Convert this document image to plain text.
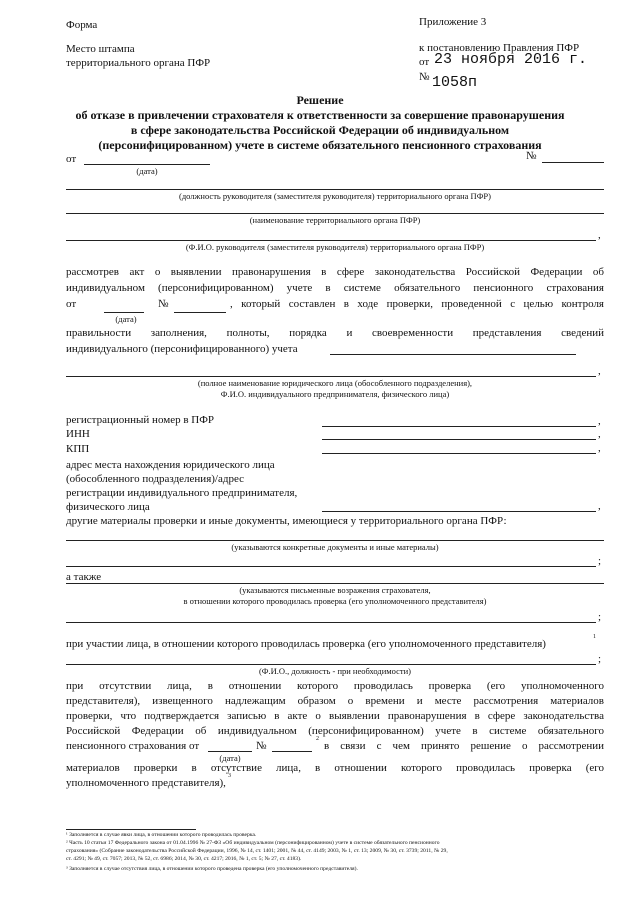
Форма
Место штампа
территориального органа ПФР
Приложение 3
к постановлению Правления ПФР
от 23 ноября 2016 г.
№ 1058п
Решение
об отказе в привлечении страхователя к ответственности за совершение правонарушения
в сфере законодательства Российской Федерации об индивидуальном
(персонифицированном) учете в системе обязательного пенсионного страхования
от
(дата)
№
(должность руководителя (заместителя руководителя) территориального органа ПФР)
(наименование территориального органа ПФР)
,
(Ф.И.О. руководителя (заместителя руководителя) территориального органа ПФР)
рассмотрев акт о выявлении правонарушения в сфере законодательства Российской Федерации об
индивидуальном (персонифицированном) учете в системе обязательного пенсионного страхования
от
(дата)
№	, который составлен в ходе проверки, проведенной с целью контроля
правильности заполнения, полноты, порядка и своевременности представления сведений
индивидуального (персонифицированного) учета
,
(полное наименование юридического лица (обособленного подразделения),
Ф.И.О. индивидуального предпринимателя, физического лица)
регистрационный номер в ПФР	,
ИНН	,
КПП	,
адрес места нахождения юридического лица
(обособленного подразделения)/адрес
регистрации индивидуального предпринимателя,
физического лица	,
другие материалы проверки и иные документы, имеющиеся у территориального органа ПФР:
(указываются конкретные документы и иные материалы)
;
а также
(указываются письменные возражения страхователя,
в отношении которого проводилась проверка (его уполномоченного представителя)
;
при участии лица, в отношении которого проводилась проверка (его уполномоченного представителя)
1
;
(Ф.И.О., должность - при необходимости)
при отсутствии лица, в отношении которого проводилась проверка (его уполномоченного
представителя), извещенного надлежащим образом о времени и месте рассмотрения материалов
проверки, что подтверждается записью в акте о выявлении правонарушения в сфере законодательства
Российской Федерации об индивидуальном (персонифицированном) учете в системе обязательного
пенсионного страхования от
(дата)
№
2
в связи с чем принято решение о рассмотрении
материалов проверки в отсутствие лица, в отношении которого проводилась проверка (его
уполномоченного представителя),
3
¹ Заполняется в случае явки лица, в отношении которого проводилась проверка.
² Часть 10 статьи 17 Федерального закона от 01.04.1996 № 27-ФЗ «Об индивидуальном (персонифицированном) учете в системе обязательного пенсионного
страхования» (Собрание законодательства Российской Федерации, 1996, № 14, ст. 1401; 2001, № 44, ст. 4149; 2003, № 1, ст. 13; 2009, № 30, ст. 3739; 2011, № 29,
ст. 4291; № 49, ст. 7057; 2013, № 52, ст. 6986; 2014, № 30, ст. 4217; 2016, № 1, ст. 5; № 27, ст. 4183).
³ Заполняется в случае отсутствия лица, в отношении которого проведена проверка (его уполномоченного представителя).
